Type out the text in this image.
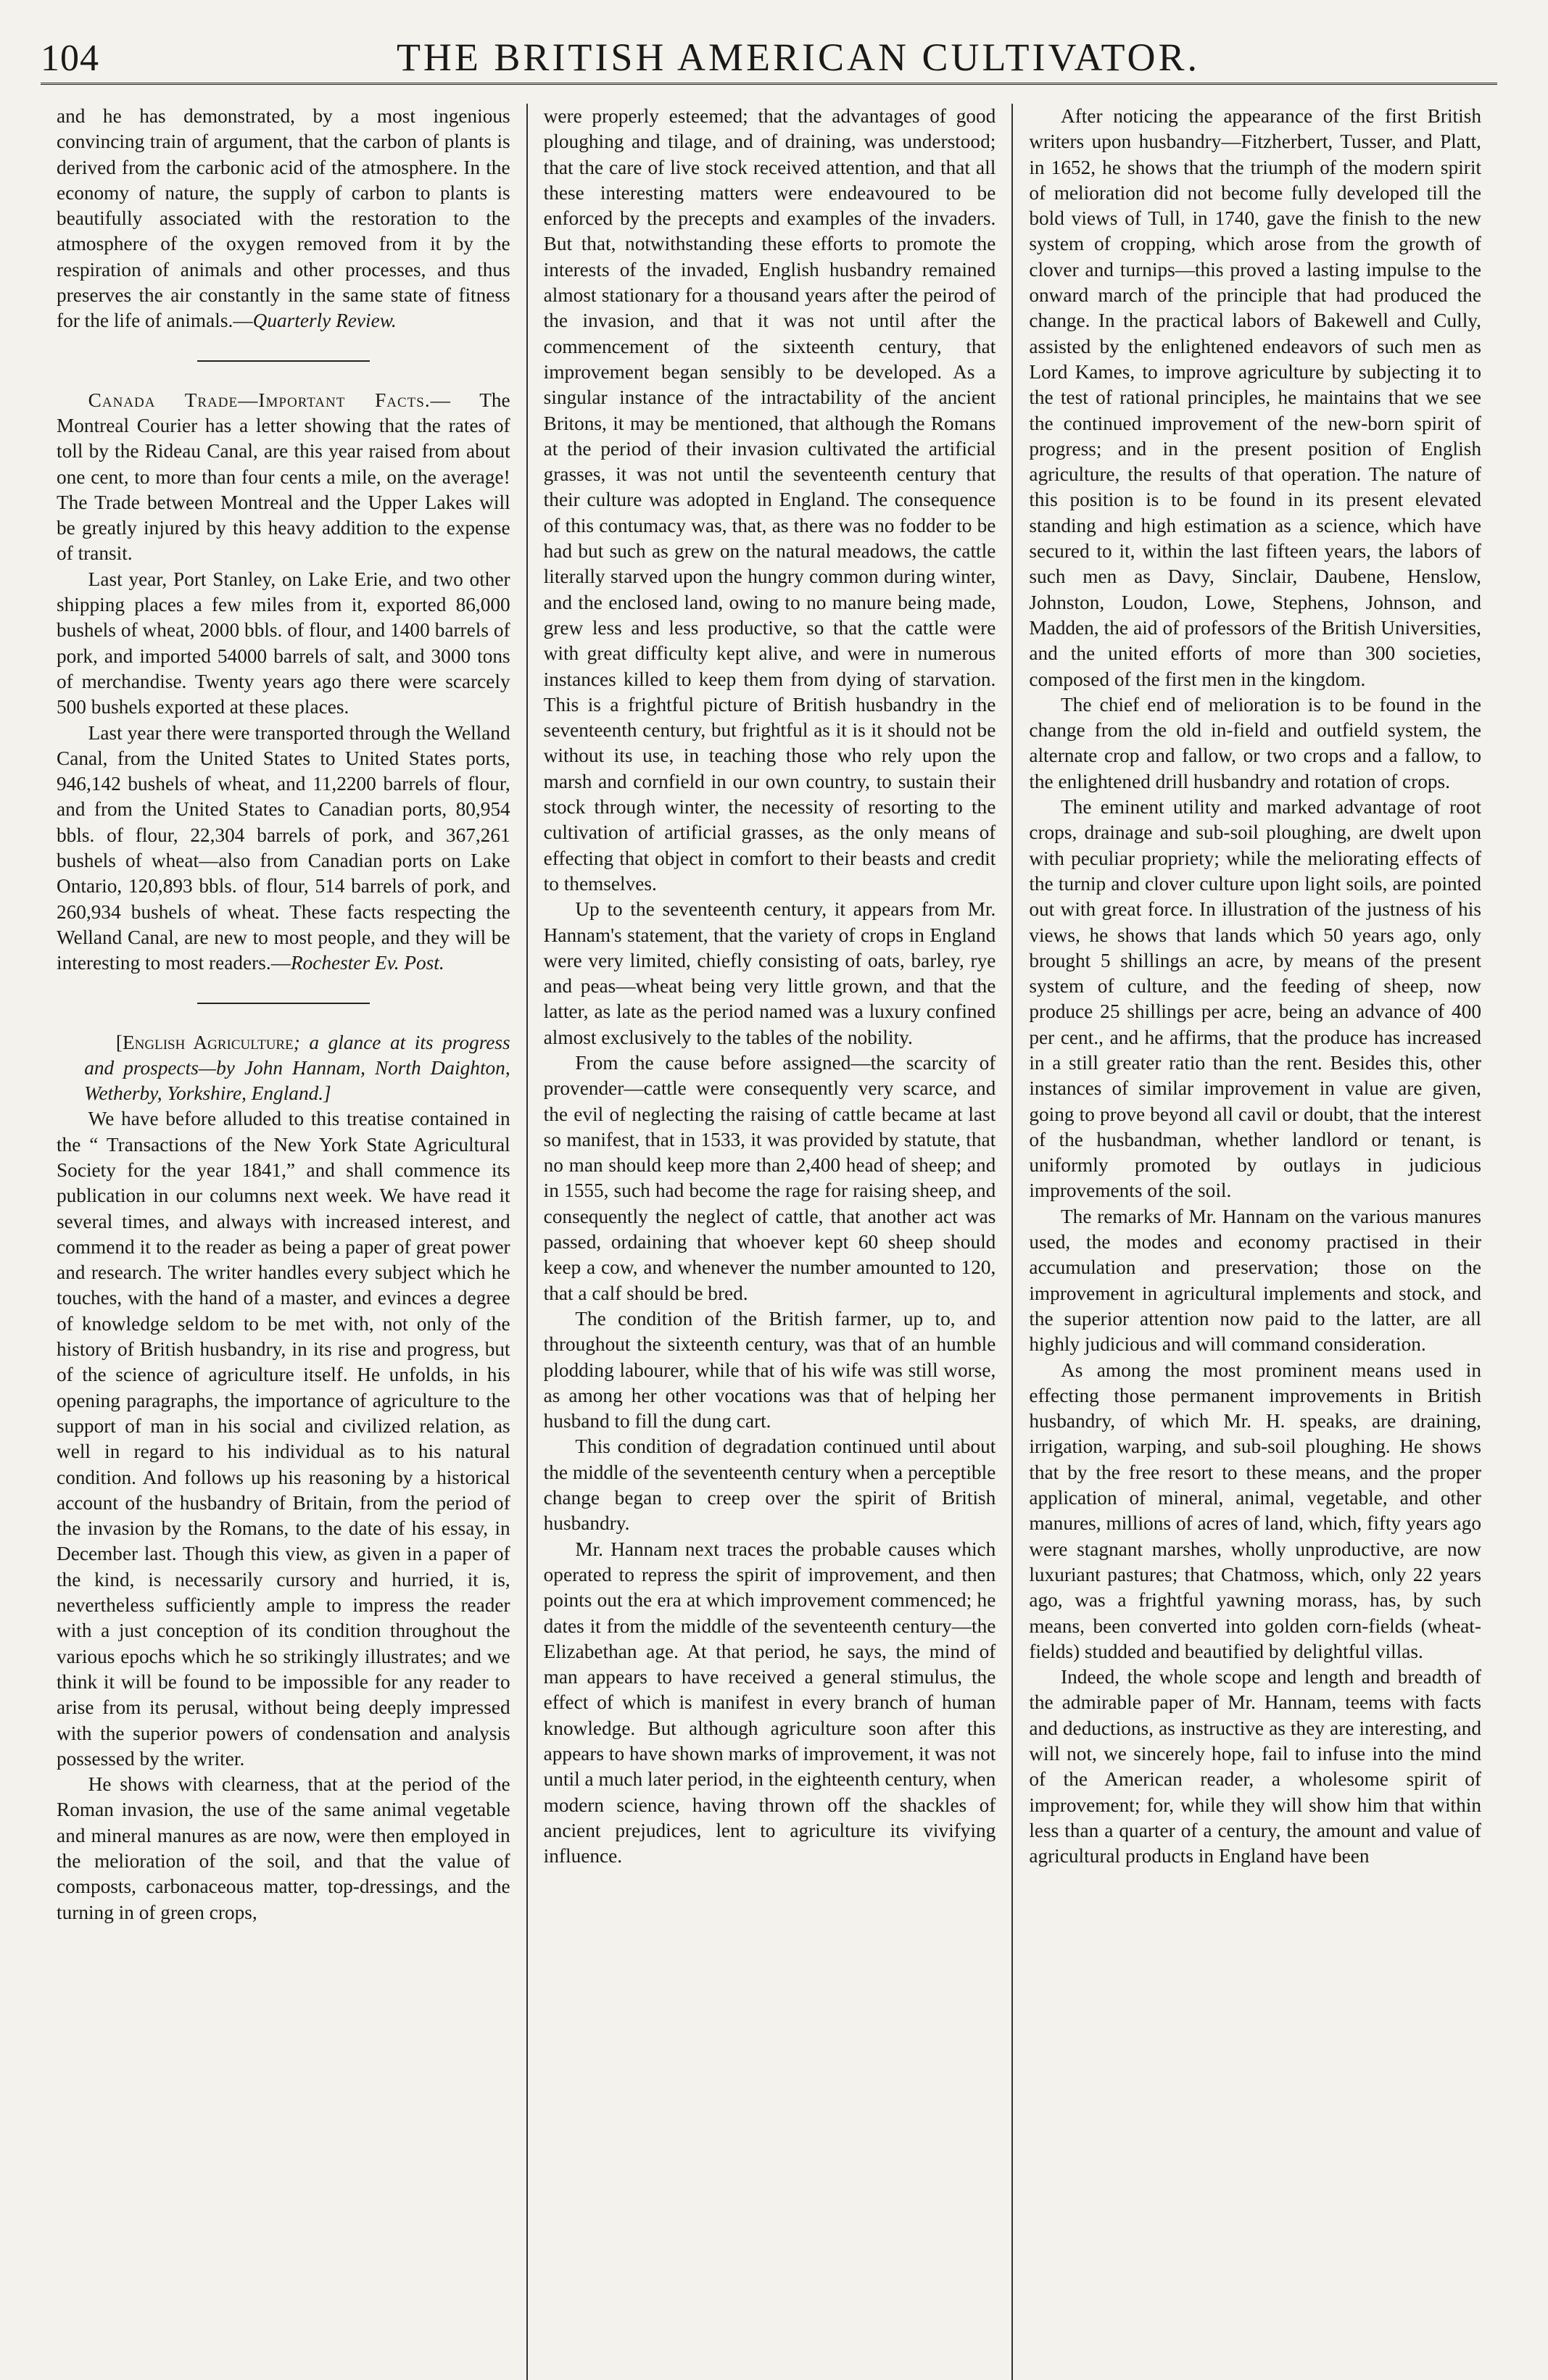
104	THE BRITISH AMERICAN CULTIVATOR.

and he has demonstrated, by a most ingenious convincing train of argument, that the carbon of plants is derived from the carbonic acid of the atmosphere. In the economy of nature, the supply of carbon to plants is beautifully associated with the restoration to the atmosphere of the oxygen removed from it by the respiration of animals and other processes, and thus preserves the air constantly in the same state of fitness for the life of animals.—Quarterly Review.

Canada Trade—Important Facts.— The Montreal Courier has a letter showing that the rates of toll by the Rideau Canal, are this year raised from about one cent, to more than four cents a mile, on the average! The Trade between Montreal and the Upper Lakes will be greatly injured by this heavy addition to the expense of transit.

Last year, Port Stanley, on Lake Erie, and two other shipping places a few miles from it, exported 86,000 bushels of wheat, 2000 bbls. of flour, and 1400 barrels of pork, and imported 54000 barrels of salt, and 3000 tons of merchandise. Twenty years ago there were scarcely 500 bushels exported at these places.

Last year there were transported through the Welland Canal, from the United States to United States ports, 946,142 bushels of wheat, and 11,2200 barrels of flour, and from the United States to Canadian ports, 80,954 bbls. of flour, 22,304 barrels of pork, and 367,261 bushels of wheat—also from Canadian ports on Lake Ontario, 120,893 bbls. of flour, 514 barrels of pork, and 260,934 bushels of wheat. These facts respecting the Welland Canal, are new to most people, and they will be interesting to most readers.—Rochester Ev. Post.

[English Agriculture; a glance at its progress and prospects—by John Hannam, North Daighton, Wetherby, Yorkshire, England.]

We have before alluded to this treatise contained in the “ Transactions of the New York State Agricultural Society for the year 1841,” and shall commence its publication in our columns next week. We have read it several times, and always with increased interest, and commend it to the reader as being a paper of great power and research. The writer handles every subject which he touches, with the hand of a master, and evinces a degree of knowledge seldom to be met with, not only of the history of British husbandry, in its rise and progress, but of the science of agriculture itself. He unfolds, in his opening paragraphs, the importance of agriculture to the support of man in his social and civilized relation, as well in regard to his individual as to his natural condition. And follows up his reasoning by a historical account of the husbandry of Britain, from the period of the invasion by the Romans, to the date of his essay, in December last. Though this view, as given in a paper of the kind, is necessarily cursory and hurried, it is, nevertheless sufficiently ample to impress the reader with a just conception of its condition throughout the various epochs which he so strikingly illustrates; and we think it will be found to be impossible for any reader to arise from its perusal, without being deeply impressed with the superior powers of condensation and analysis possessed by the writer.

He shows with clearness, that at the period of the Roman invasion, the use of the same animal vegetable and mineral manures as are now, were then employed in the melioration of the soil, and that the value of composts, carbonaceous matter, top-dressings, and the turning in of green crops,

were properly esteemed; that the advantages of good ploughing and tilage, and of draining, was understood; that the care of live stock received attention, and that all these interesting matters were endeavoured to be enforced by the precepts and examples of the invaders. But that, notwithstanding these efforts to promote the interests of the invaded, English husbandry remained almost stationary for a thousand years after the peirod of the invasion, and that it was not until after the commencement of the sixteenth century, that improvement began sensibly to be developed. As a singular instance of the intractability of the ancient Britons, it may be mentioned, that although the Romans at the period of their invasion cultivated the artificial grasses, it was not until the seventeenth century that their culture was adopted in England. The consequence of this contumacy was, that, as there was no fodder to be had but such as grew on the natural meadows, the cattle literally starved upon the hungry common during winter, and the enclosed land, owing to no manure being made, grew less and less productive, so that the cattle were with great difficulty kept alive, and were in numerous instances killed to keep them from dying of starvation. This is a frightful picture of British husbandry in the seventeenth century, but frightful as it is it should not be without its use, in teaching those who rely upon the marsh and cornfield in our own country, to sustain their stock through winter, the necessity of resorting to the cultivation of artificial grasses, as the only means of effecting that object in comfort to their beasts and credit to themselves.

Up to the seventeenth century, it appears from Mr. Hannam's statement, that the variety of crops in England were very limited, chiefly consisting of oats, barley, rye and peas—wheat being very little grown, and that the latter, as late as the period named was a luxury confined almost exclusively to the tables of the nobility.

From the cause before assigned—the scarcity of provender—cattle were consequently very scarce, and the evil of neglecting the raising of cattle became at last so manifest, that in 1533, it was provided by statute, that no man should keep more than 2,400 head of sheep; and in 1555, such had become the rage for raising sheep, and consequently the neglect of cattle, that another act was passed, ordaining that whoever kept 60 sheep should keep a cow, and whenever the number amounted to 120, that a calf should be bred.

The condition of the British farmer, up to, and throughout the sixteenth century, was that of an humble plodding labourer, while that of his wife was still worse, as among her other vocations was that of helping her husband to fill the dung cart.

This condition of degradation continued until about the middle of the seventeenth century when a perceptible change began to creep over the spirit of British husbandry.

Mr. Hannam next traces the probable causes which operated to repress the spirit of improvement, and then points out the era at which improvement commenced; he dates it from the middle of the seventeenth century—the Elizabethan age. At that period, he says, the mind of man appears to have received a general stimulus, the effect of which is manifest in every branch of human knowledge. But although agriculture soon after this appears to have shown marks of improvement, it was not until a much later period, in the eighteenth century, when modern science, having thrown off the shackles of ancient prejudices, lent to agriculture its vivifying influence.

After noticing the appearance of the first British writers upon husbandry—Fitzherbert, Tusser, and Platt, in 1652, he shows that the triumph of the modern spirit of melioration did not become fully developed till the bold views of Tull, in 1740, gave the finish to the new system of cropping, which arose from the growth of clover and turnips—this proved a lasting impulse to the onward march of the principle that had produced the change. In the practical labors of Bakewell and Cully, assisted by the enlightened endeavors of such men as Lord Kames, to improve agriculture by subjecting it to the test of rational principles, he maintains that we see the continued improvement of the new-born spirit of progress; and in the present position of English agriculture, the results of that operation. The nature of this position is to be found in its present elevated standing and high estimation as a science, which have secured to it, within the last fifteen years, the labors of such men as Davy, Sinclair, Daubene, Henslow, Johnston, Loudon, Lowe, Stephens, Johnson, and Madden, the aid of professors of the British Universities, and the united efforts of more than 300 societies, composed of the first men in the kingdom.

The chief end of melioration is to be found in the change from the old in-field and outfield system, the alternate crop and fallow, or two crops and a fallow, to the enlightened drill husbandry and rotation of crops.

The eminent utility and marked advantage of root crops, drainage and sub-soil ploughing, are dwelt upon with peculiar propriety; while the meliorating effects of the turnip and clover culture upon light soils, are pointed out with great force. In illustration of the justness of his views, he shows that lands which 50 years ago, only brought 5 shillings an acre, by means of the present system of culture, and the feeding of sheep, now produce 25 shillings per acre, being an advance of 400 per cent., and he affirms, that the produce has increased in a still greater ratio than the rent. Besides this, other instances of similar improvement in value are given, going to prove beyond all cavil or doubt, that the interest of the husbandman, whether landlord or tenant, is uniformly promoted by outlays in judicious improvements of the soil.

The remarks of Mr. Hannam on the various manures used, the modes and economy practised in their accumulation and preservation; those on the improvement in agricultural implements and stock, and the superior attention now paid to the latter, are all highly judicious and will command consideration.

As among the most prominent means used in effecting those permanent improvements in British husbandry, of which Mr. H. speaks, are draining, irrigation, warping, and sub-soil ploughing. He shows that by the free resort to these means, and the proper application of mineral, animal, vegetable, and other manures, millions of acres of land, which, fifty years ago were stagnant marshes, wholly unproductive, are now luxuriant pastures; that Chatmoss, which, only 22 years ago, was a frightful yawning morass, has, by such means, been converted into golden corn-fields (wheat-fields) studded and beautified by delightful villas.

Indeed, the whole scope and length and breadth of the admirable paper of Mr. Hannam, teems with facts and deductions, as instructive as they are interesting, and will not, we sincerely hope, fail to infuse into the mind of the American reader, a wholesome spirit of improvement; for, while they will show him that within less than a quarter of a century, the amount and value of agricultural products in England have been
